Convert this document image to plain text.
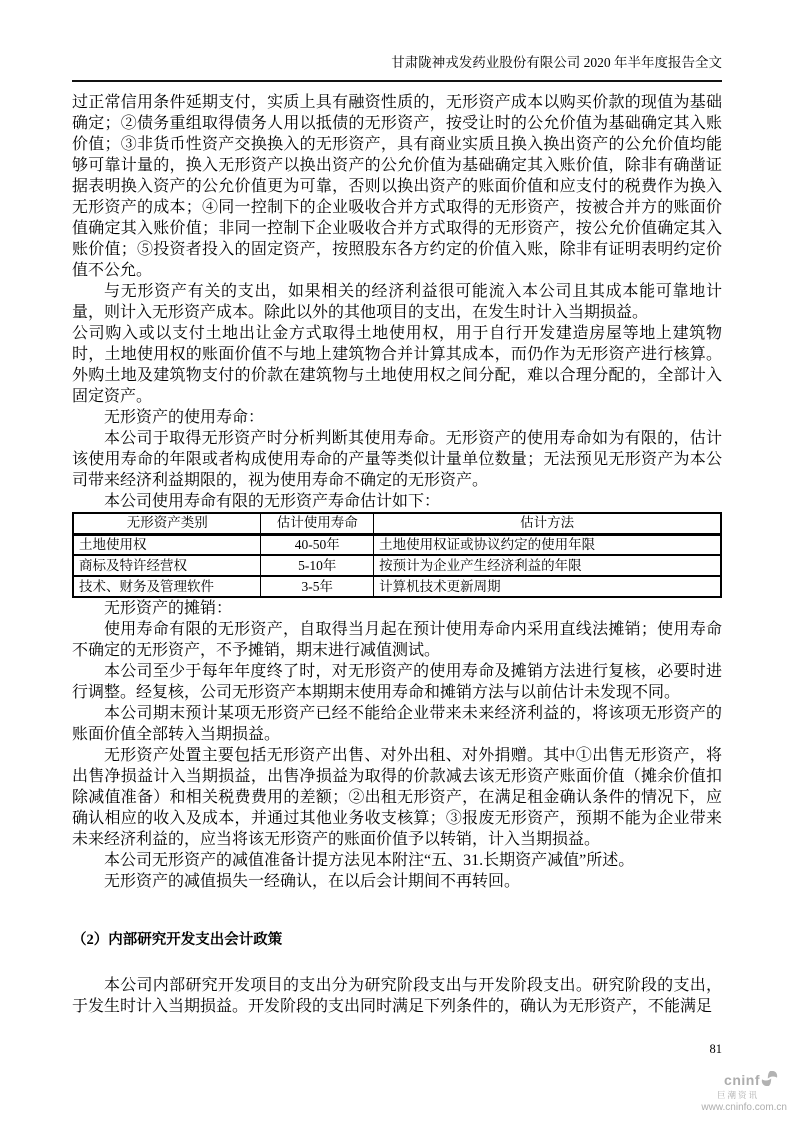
甘肃陇神戎发药业股份有限公司 2020 年半年度报告全文

过正常信用条件延期支付，实质上具有融资性质的，无形资产成本以购买价款的现值为基础确定；②债务重组取得债务人用以抵债的无形资产，按受让时的公允价值为基础确定其入账价值；③非货币性资产交换换入的无形资产，具有商业实质且换入换出资产的公允价值均能够可靠计量的，换入无形资产以换出资产的公允价值为基础确定其入账价值，除非有确凿证据表明换入资产的公允价值更为可靠，否则以换出资产的账面价值和应支付的税费作为换入无形资产的成本；④同一控制下的企业吸收合并方式取得的无形资产，按被合并方的账面价值确定其入账价值；非同一控制下企业吸收合并方式取得的无形资产，按公允价值确定其入账价值；⑤投资者投入的固定资产，按照股东各方约定的价值入账，除非有证明表明约定价值不公允。

与无形资产有关的支出，如果相关的经济利益很可能流入本公司且其成本能可靠地计量，则计入无形资产成本。除此以外的其他项目的支出，在发生时计入当期损益。

公司购入或以支付土地出让金方式取得土地使用权，用于自行开发建造房屋等地上建筑物时，土地使用权的账面价值不与地上建筑物合并计算其成本，而仍作为无形资产进行核算。外购土地及建筑物支付的价款在建筑物与土地使用权之间分配，难以合理分配的，全部计入固定资产。

无形资产的使用寿命：

本公司于取得无形资产时分析判断其使用寿命。无形资产的使用寿命如为有限的，估计该使用寿命的年限或者构成使用寿命的产量等类似计量单位数量；无法预见无形资产为本公司带来经济利益期限的，视为使用寿命不确定的无形资产。

本公司使用寿命有限的无形资产寿命估计如下：

无形资产类别	估计使用寿命	估计方法
土地使用权	40-50年	土地使用权证或协议约定的使用年限
商标及特许经营权	5-10年	按预计为企业产生经济利益的年限
技术、财务及管理软件	3-5年	计算机技术更新周期

无形资产的摊销：

使用寿命有限的无形资产，自取得当月起在预计使用寿命内采用直线法摊销；使用寿命不确定的无形资产，不予摊销，期末进行减值测试。

本公司至少于每年年度终了时，对无形资产的使用寿命及摊销方法进行复核，必要时进行调整。经复核，公司无形资产本期期末使用寿命和摊销方法与以前估计未发现不同。

本公司期末预计某项无形资产已经不能给企业带来未来经济利益的，将该项无形资产的账面价值全部转入当期损益。

无形资产处置主要包括无形资产出售、对外出租、对外捐赠。其中①出售无形资产，将出售净损益计入当期损益，出售净损益为取得的价款减去该无形资产账面价值（摊余价值扣除减值准备）和相关税费费用的差额；②出租无形资产，在满足租金确认条件的情况下，应确认相应的收入及成本，并通过其他业务收支核算；③报废无形资产，预期不能为企业带来未来经济利益的，应当将该无形资产的账面价值予以转销，计入当期损益。

本公司无形资产的减值准备计提方法见本附注“五、31.长期资产减值”所述。

无形资产的减值损失一经确认，在以后会计期间不再转回。

（2）内部研究开发支出会计政策

本公司内部研究开发项目的支出分为研究阶段支出与开发阶段支出。研究阶段的支出，于发生时计入当期损益。开发阶段的支出同时满足下列条件的，确认为无形资产，不能满足

81
cninf
巨潮资讯
www.cninfo.com.cn
